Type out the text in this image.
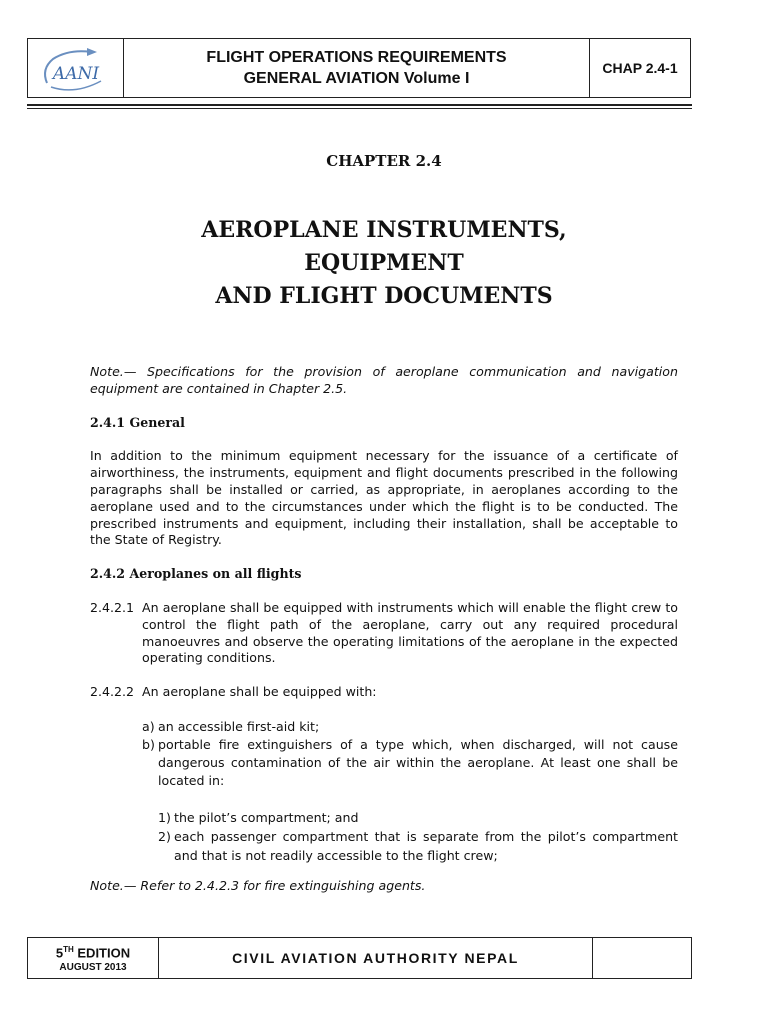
AANI
FLIGHT OPERATIONS REQUIREMENTS
GENERAL AVIATION Volume I
CHAP 2.4-1
CHAPTER 2.4
AEROPLANE INSTRUMENTS,
EQUIPMENT
AND FLIGHT DOCUMENTS

Note.— Specifications for the provision of aeroplane communication and navigation equipment are contained in Chapter 2.5.

2.4.1 General

In addition to the minimum equipment necessary for the issuance of a certificate of airworthiness, the instruments, equipment and flight documents prescribed in the following paragraphs shall be installed or carried, as appropriate, in aeroplanes according to the aeroplane used and to the circumstances under which the flight is to be conducted. The prescribed instruments and equipment, including their installation, shall be acceptable to the State of Registry.

2.4.2 Aeroplanes on all flights

2.4.2.1 An aeroplane shall be equipped with instruments which will enable the flight crew to control the flight path of the aeroplane, carry out any required procedural manoeuvres and observe the operating limitations of the aeroplane in the expected operating conditions.
2.4.2.2 An aeroplane shall be equipped with:
a) an accessible first-aid kit;
b) portable fire extinguishers of a type which, when discharged, will not cause dangerous contamination of the air within the aeroplane. At least one shall be located in:
1) the pilot’s compartment; and
2) each passenger compartment that is separate from the pilot’s compartment and that is not readily accessible to the flight crew;

Note.— Refer to 2.4.2.3 for fire extinguishing agents.

5TH EDITION
AUGUST 2013
CIVIL AVIATION AUTHORITY NEPAL
